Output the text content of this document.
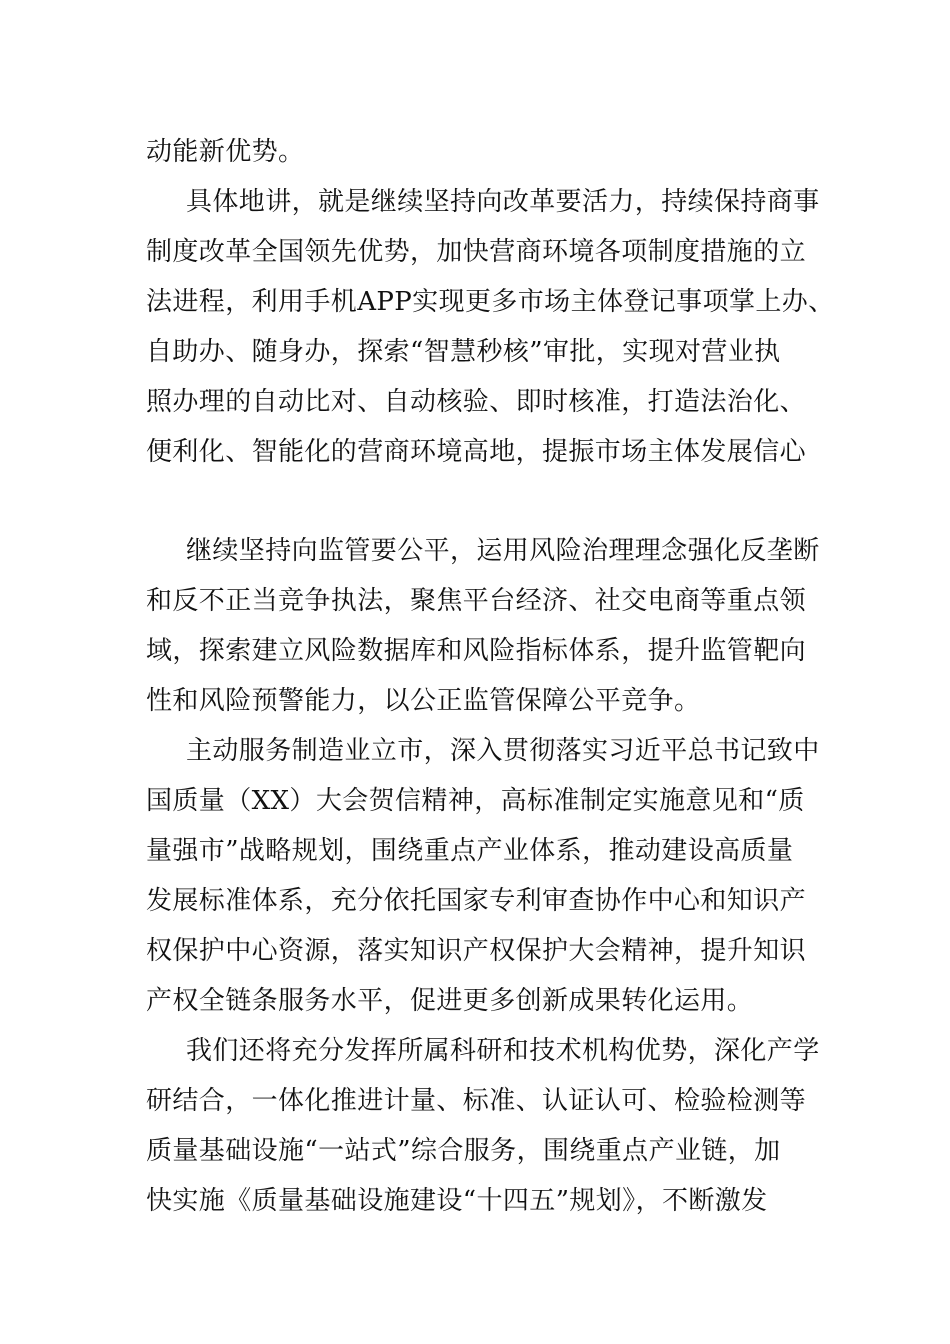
动能新优势。
具体地讲，就是继续坚持向改革要活力，持续保持商事
制度改革全国领先优势，加快营商环境各项制度措施的立
法进程，利用手机APP实现更多市场主体登记事项掌上办、
自助办、随身办，探索“智慧秒核”审批，实现对营业执
照办理的自动比对、自动核验、即时核准，打造法治化、
便利化、智能化的营商环境高地，提振市场主体发展信心
继续坚持向监管要公平，运用风险治理理念强化反垄断
和反不正当竞争执法，聚焦平台经济、社交电商等重点领
域，探索建立风险数据库和风险指标体系，提升监管靶向
性和风险预警能力，以公正监管保障公平竞争。
主动服务制造业立市，深入贯彻落实习近平总书记致中
国质量（XX）大会贺信精神，高标准制定实施意见和“质
量强市”战略规划，围绕重点产业体系，推动建设高质量
发展标准体系，充分依托国家专利审查协作中心和知识产
权保护中心资源，落实知识产权保护大会精神，提升知识
产权全链条服务水平，促进更多创新成果转化运用。
我们还将充分发挥所属科研和技术机构优势，深化产学
研结合，一体化推进计量、标准、认证认可、检验检测等
质量基础设施“一站式”综合服务，围绕重点产业链，加
快实施《质量基础设施建设“十四五”规划》，不断激发
